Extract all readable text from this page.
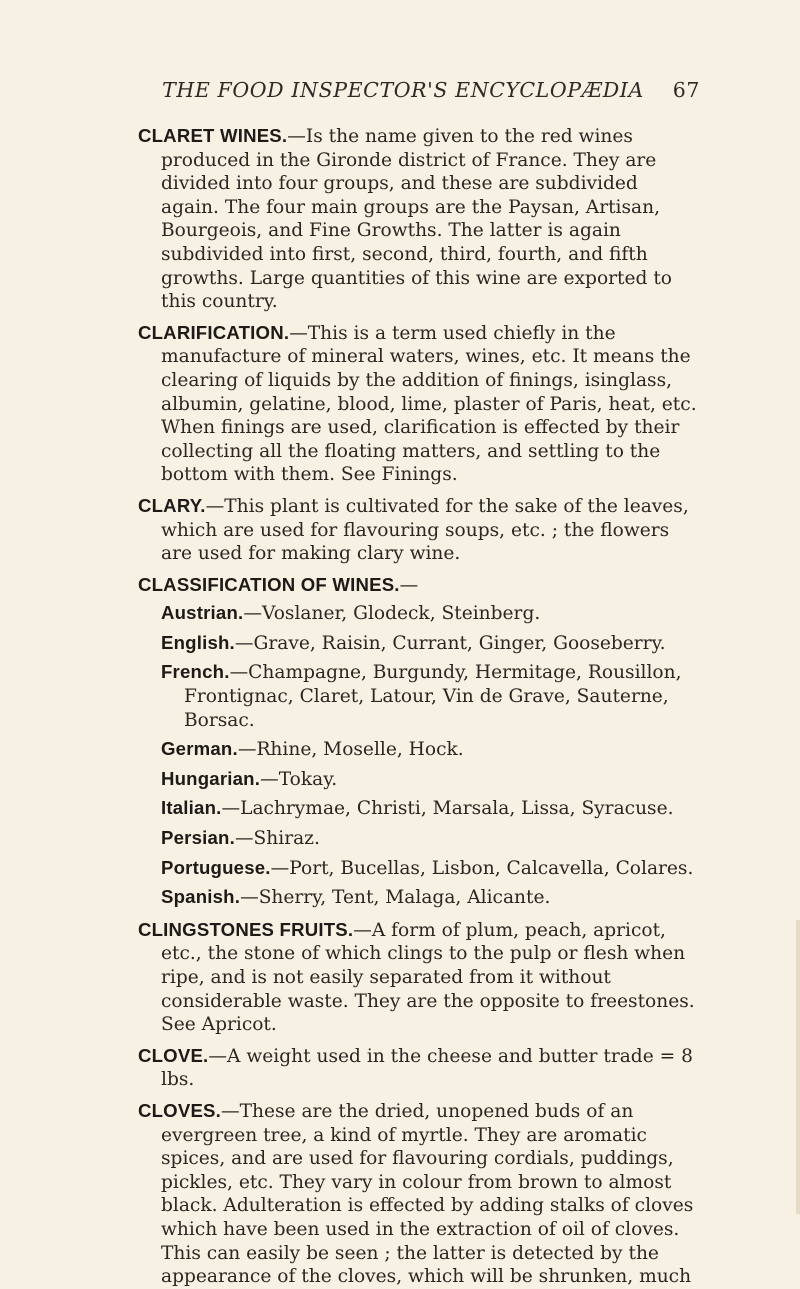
THE FOOD INSPECTOR'S ENCYCLOPÆDIA	67

CLARET WINES.—Is the name given to the red wines produced in the Gironde district of France. They are divided into four groups, and these are subdivided again. The four main groups are the Paysan, Artisan, Bourgeois, and Fine Growths. The latter is again subdivided into first, second, third, fourth, and fifth growths. Large quantities of this wine are exported to this country.

CLARIFICATION.—This is a term used chiefly in the manufacture of mineral waters, wines, etc. It means the clearing of liquids by the addition of finings, isinglass, albumin, gelatine, blood, lime, plaster of Paris, heat, etc. When finings are used, clarification is effected by their collecting all the floating matters, and settling to the bottom with them. See Finings.

CLARY.—This plant is cultivated for the sake of the leaves, which are used for flavouring soups, etc. ; the flowers are used for making clary wine.

CLASSIFICATION OF WINES.—

Austrian.—Voslaner, Glodeck, Steinberg.

English.—Grave, Raisin, Currant, Ginger, Gooseberry.

French.—Champagne, Burgundy, Hermitage, Rousillon, Frontignac, Claret, Latour, Vin de Grave, Sauterne, Borsac.

German.—Rhine, Moselle, Hock.

Hungarian.—Tokay.

Italian.—Lachrymae, Christi, Marsala, Lissa, Syracuse.

Persian.—Shiraz.

Portuguese.—Port, Bucellas, Lisbon, Calcavella, Colares.

Spanish.—Sherry, Tent, Malaga, Alicante.

CLINGSTONES FRUITS.—A form of plum, peach, apricot, etc., the stone of which clings to the pulp or flesh when ripe, and is not easily separated from it without considerable waste. They are the opposite to freestones. See Apricot.

CLOVE.—A weight used in the cheese and butter trade = 8 lbs.

CLOVES.—These are the dried, unopened buds of an evergreen tree, a kind of myrtle. They are aromatic spices, and are used for flavouring cordials, puddings, pickles, etc. They vary in colour from brown to almost black. Adulteration is effected by adding stalks of cloves which have been used in the extraction of oil of cloves. This can easily be seen ; the latter is detected by the appearance of the cloves, which will be shrunken, much
